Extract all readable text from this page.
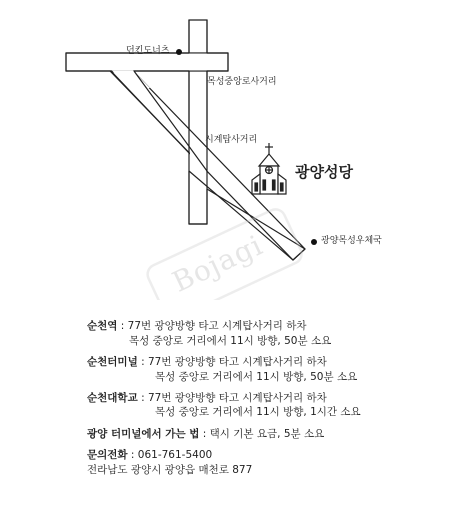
Bojagi
던킨도너츠
목성중앙로사거리
시계탑사거리
광양성당
광양목성우체국
순천역 : 77번 광양방향 타고 시계탑사거리 하차
목성 중앙로 거리에서 11시 방향, 50분 소요
순천터미널 : 77번 광양방향 타고 시계탑사거리 하차
목성 중앙로 거리에서 11시 방향, 50분 소요
순천대학교 : 77번 광양방향 타고 시계탑사거리 하차
목성 중앙로 거리에서 11시 방향, 1시간 소요
광양 터미널에서 가는 법 : 택시 기본 요금, 5분 소요
문의전화 : 061-761-5400
전라남도 광양시 광양읍 매천로 877
